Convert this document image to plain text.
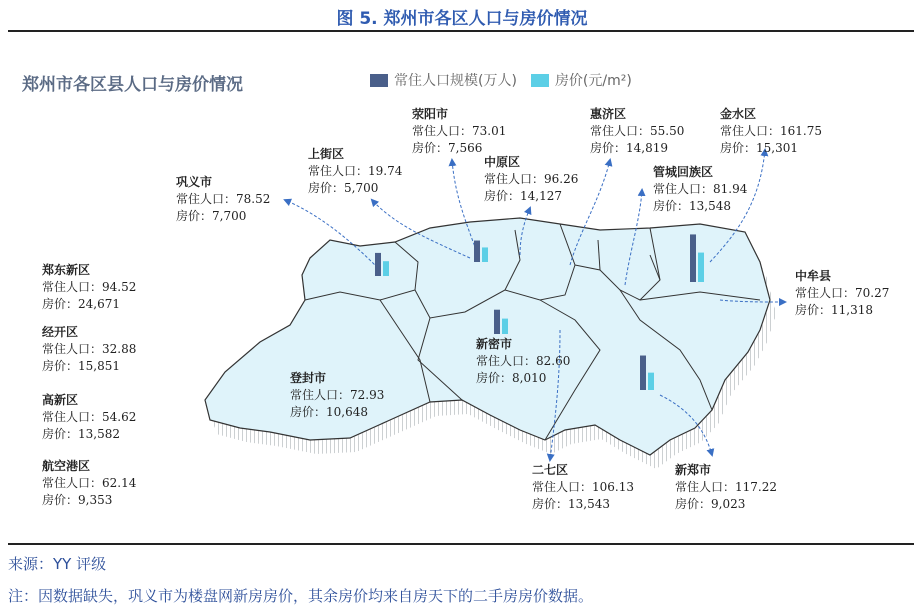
图 5. 郑州市各区人口与房价情况
郑州市各区县人口与房价情况	常住人口规模(万人)	房价(元/m²)
巩义市
常住人口：78.52
房价：7,700
上街区
常住人口：19.74
房价：5,700
荥阳市
常住人口：73.01
房价：7,566
中原区
常住人口：96.26
房价：14,127
惠济区
常住人口：55.50
房价：14,819
金水区
常住人口：161.75
房价：15,301
管城回族区
常住人口：81.94
房价：13,548
中牟县
常住人口：70.27
房价：11,318
新密市
常住人口：82.60
房价：8,010
登封市
常住人口：72.93
房价：10,648
二七区
常住人口：106.13
房价：13,543
新郑市
常住人口：117.22
房价：9,023
郑东新区
常住人口：94.52
房价：24,671
经开区
常住人口：32.88
房价：15,851
高新区
常住人口：54.62
房价：13,582
航空港区
常住人口：62.14
房价：9,353
来源：YY 评级
注：因数据缺失，巩义市为楼盘网新房房价，其余房价均来自房天下的二手房房价数据。
